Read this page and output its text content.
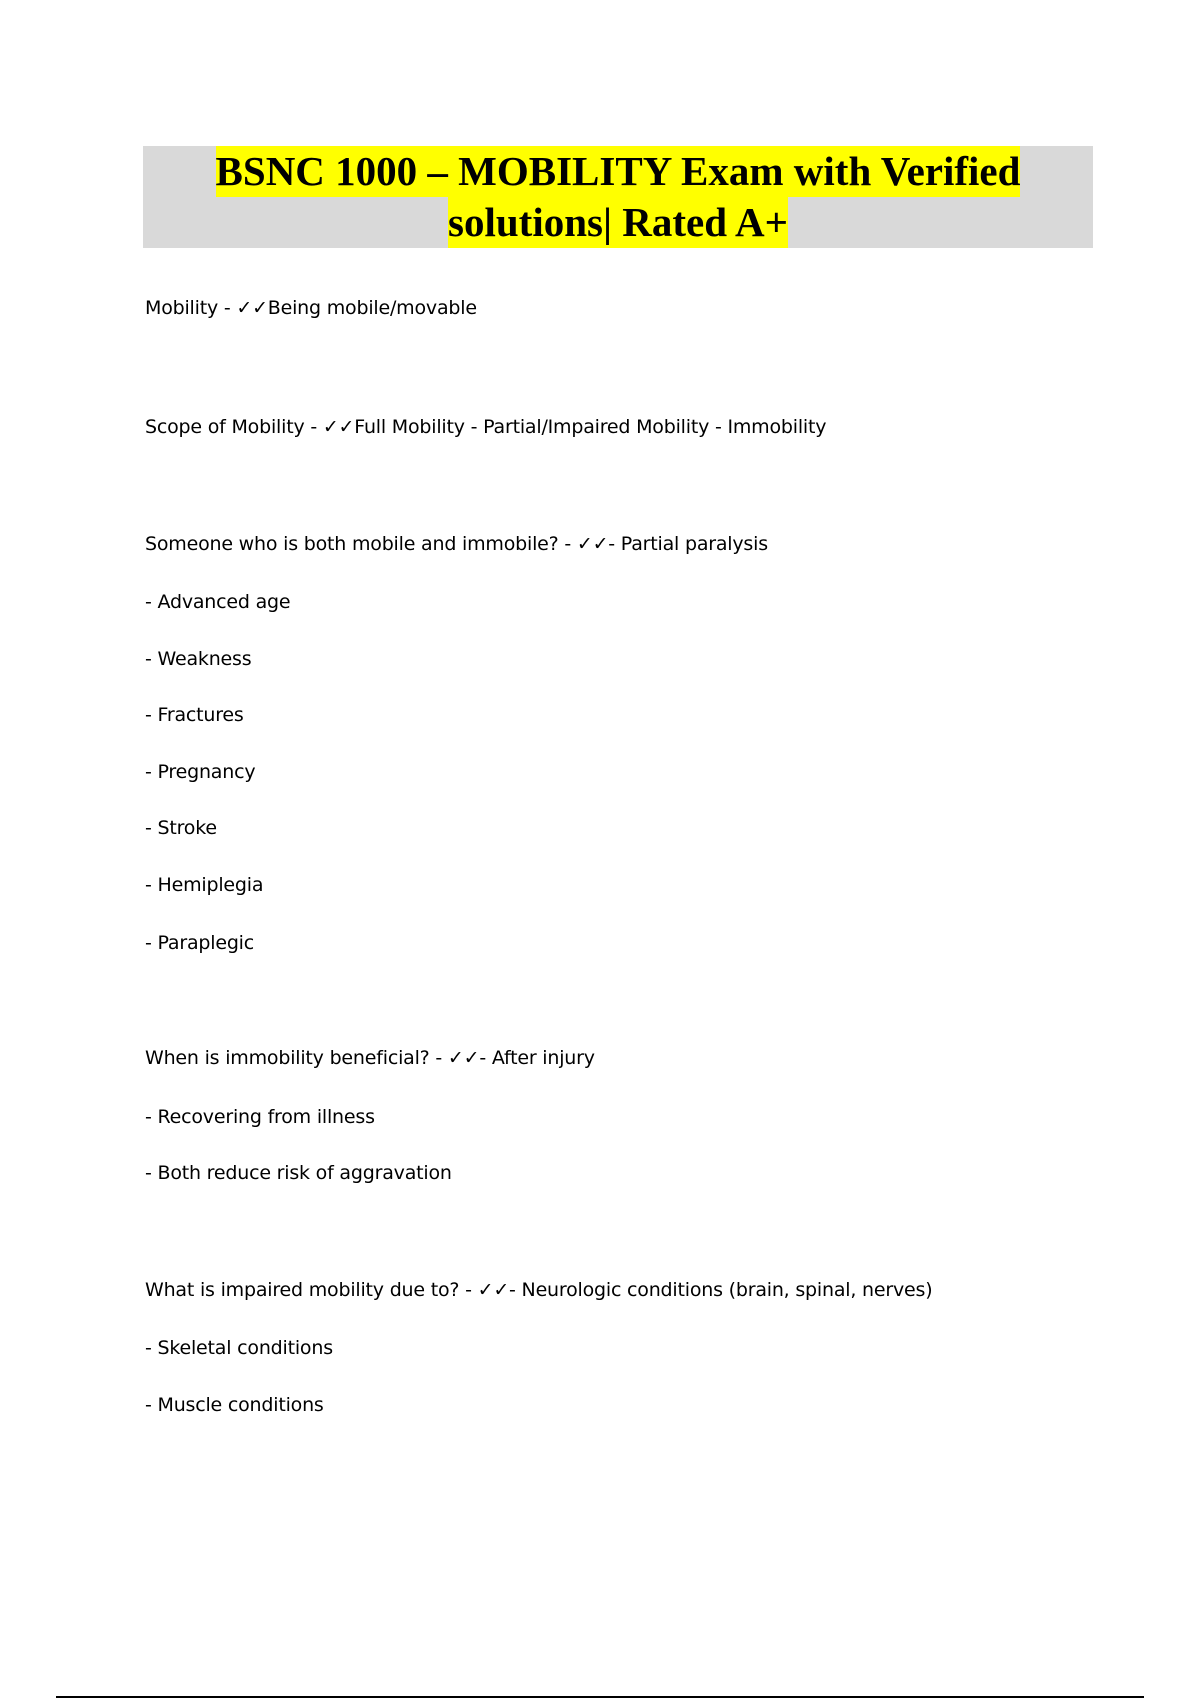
BSNC 1000 – MOBILITY Exam with Verified
solutions| Rated A+
Mobility - ✓✓Being mobile/movable
Scope of Mobility - ✓✓Full Mobility - Partial/Impaired Mobility - Immobility
Someone who is both mobile and immobile? - ✓✓- Partial paralysis
- Advanced age
- Weakness
- Fractures
- Pregnancy
- Stroke
- Hemiplegia
- Paraplegic
When is immobility beneficial? - ✓✓- After injury
- Recovering from illness
- Both reduce risk of aggravation
What is impaired mobility due to? - ✓✓- Neurologic conditions (brain, spinal, nerves)
- Skeletal conditions
- Muscle conditions
